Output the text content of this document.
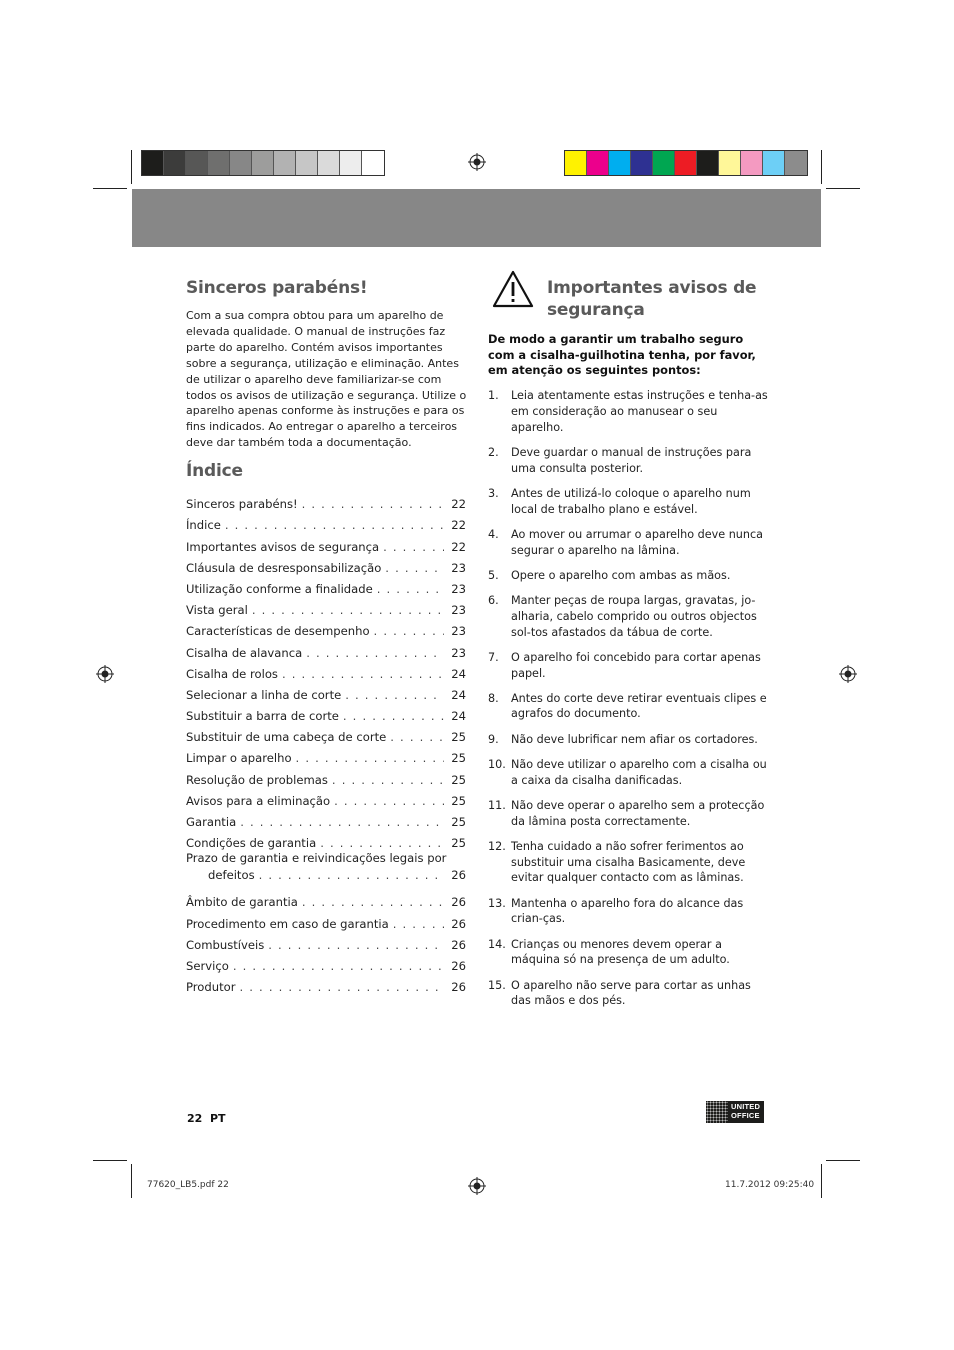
Sinceros parabéns!
Com a sua compra obtou para um aparelho de elevada qualidade. O manual de instruções faz parte do aparelho. Contém avisos importantes sobre a segurança, utilização e eliminação. Antes de utilizar o aparelho deve familiarizar-se com todos os avisos de utilização e segurança. Utilize o aparelho apenas conforme às instruções e para os fins indicados. Ao entregar o aparelho a terceiros deve dar também toda a documentação.
Índice
Sinceros parabéns! . . .	22
Índice . . .	22
Importantes avisos de segurança . . .	22
Cláusula de desresponsabilização . . .	23
Utilização conforme a finalidade . . .	23
Vista geral . . .	23
Características de desempenho . . .	23
Cisalha de alavanca . . .	23
Cisalha de rolos . . .	24
Selecionar a linha de corte . . .	24
Substituir a barra de corte . . .	24
Substituir de uma cabeça de corte . . .	25
Limpar o aparelho . . .	25
Resolução de problemas . . .	25
Avisos para a eliminação . . .	25
Garantia . . .	25
Condições de garantia . . .	25
Prazo de garantia e reivindicações legais por
defeitos . . .	26
Âmbito de garantia . . .	26
Procedimento em caso de garantia . . .	26
Combustíveis . . .	26
Serviço . . .	26
Produtor . . .	26
Importantes avisos de
segurança
De modo a garantir um trabalho seguro com a cisalha-guilhotina tenha, por favor, em atenção os seguintes pontos:
1.	Leia atentamente estas instruções e tenha-as em consideração ao manusear o seu aparelho.
2.	Deve guardar o manual de instruções para uma consulta posterior.
3.	Antes de utilizá-lo coloque o aparelho num local de trabalho plano e estável.
4.	Ao mover ou arrumar o aparelho deve nunca segurar o aparelho na lâmina.
5.	Opere o aparelho com ambas as mãos.
6.	Manter peças de roupa largas, gravatas, jo-alharia, cabelo comprido ou outros objectos sol-tos afastados da tábua de corte.
7.	O aparelho foi concebido para cortar apenas papel.
8.	Antes do corte deve retirar eventuais clipes e agrafos do documento.
9.	Não deve lubrificar nem afiar os cortadores.
10. Não deve utilizar o aparelho com a cisalha ou a caixa da cisalha danificadas.
11. Não deve operar o aparelho sem a protecção da lâmina posta correctamente.
12. Tenha cuidado a não sofrer ferimentos ao substituir uma cisalha Basicamente, deve evitar qualquer contacto com as lâminas.
13. Mantenha o aparelho fora do alcance das crian-ças.
14. Crianças ou menores devem operar a máquina só na presença de um adulto.
15. O aparelho não serve para cortar as unhas das mãos e dos pés.
22 PT
UNITED
OFFICE
77620_LB5.pdf 22	11.7.2012 09:25:40
